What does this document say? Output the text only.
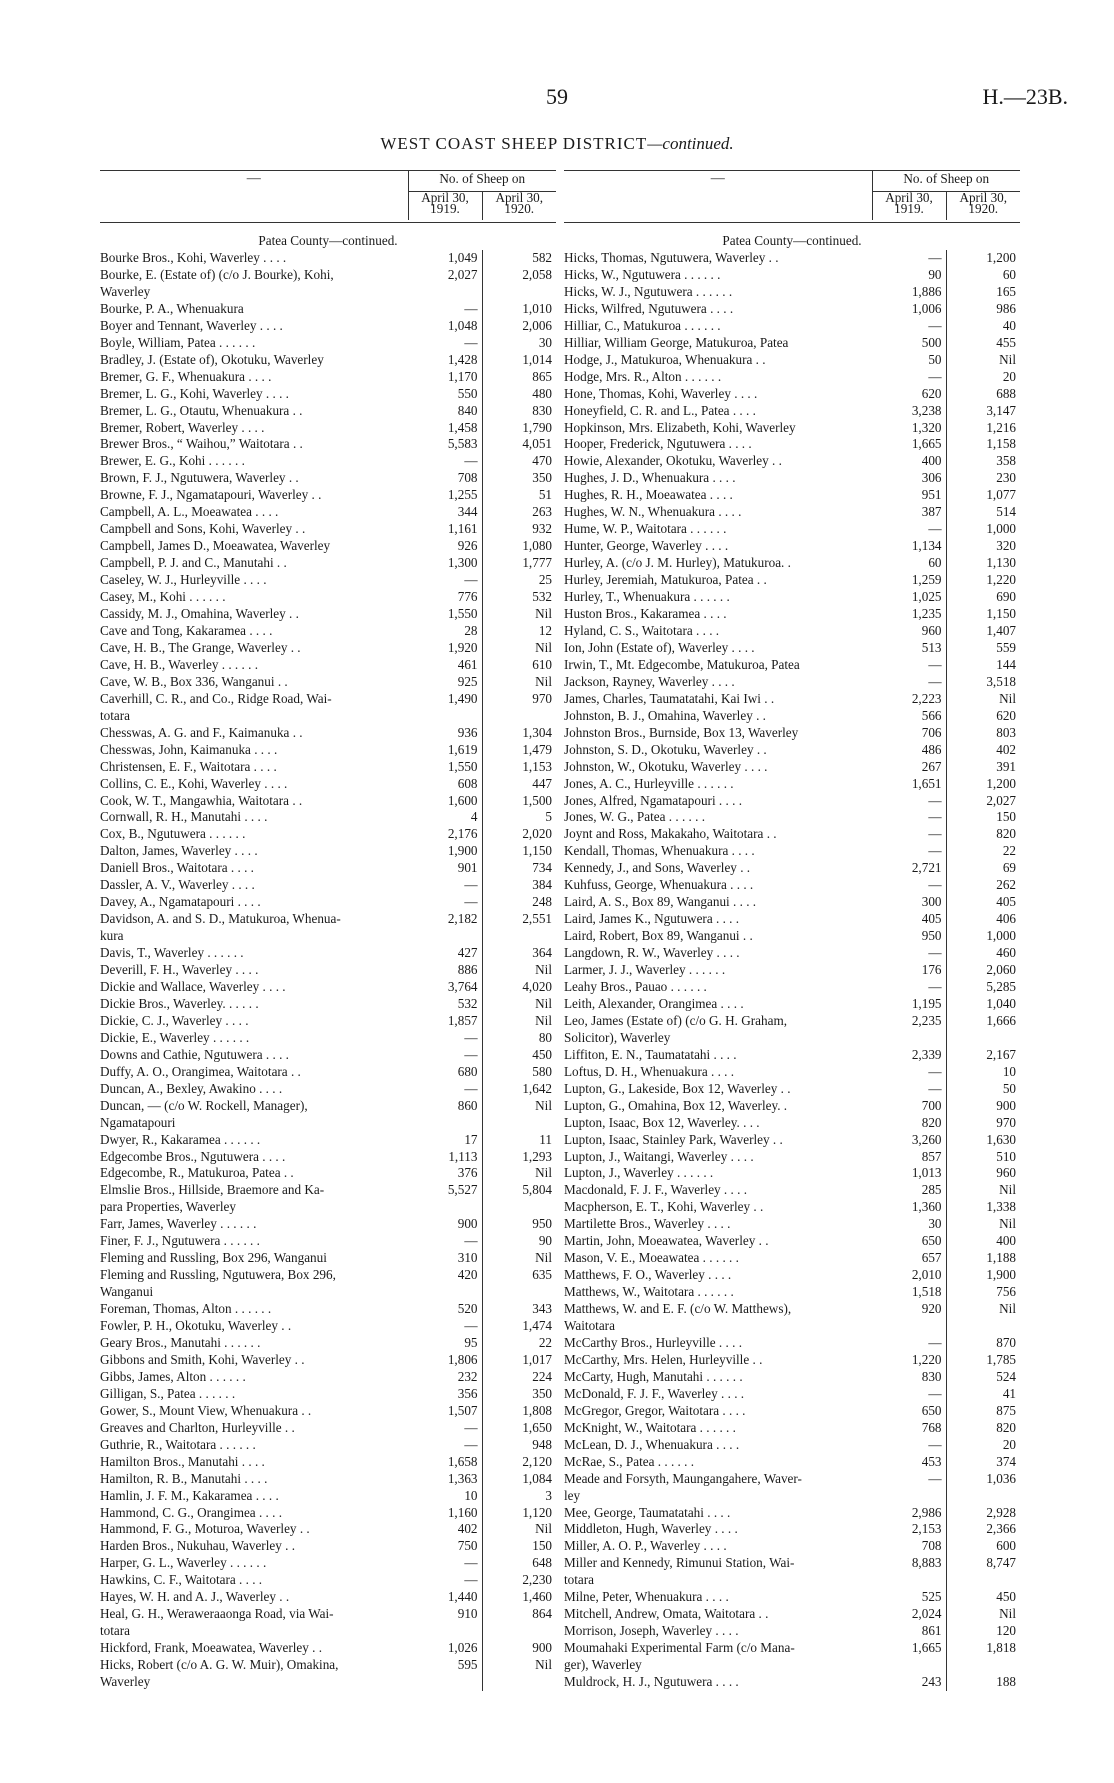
59	H.—23B.
WEST COAST SHEEP DISTRICT—continued.
—	No. of Sheep on	
	April 30,
1919.	April 30,
1920.
Patea County—continued.
Bourke Bros., Kohi, Waverley . . . .	1,049	582
Bourke, E. (Estate of) (c/o J. Bourke), Kohi,	2,027	2,058
Waverley		
Bourke, P. A., Whenuakura	—	1,010
Boyer and Tennant, Waverley . . . .	1,048	2,006
Boyle, William, Patea . . . . . .	—	30
Bradley, J. (Estate of), Okotuku, Waverley	1,428	1,014
Bremer, G. F., Whenuakura . . . .	1,170	865
Bremer, L. G., Kohi, Waverley . . . .	550	480
Bremer, L. G., Otautu, Whenuakura . .	840	830
Bremer, Robert, Waverley . . . .	1,458	1,790
Brewer Bros., “ Waihou,” Waitotara . .	5,583	4,051
Brewer, E. G., Kohi . . . . . .	—	470
Brown, F. J., Ngutuwera, Waverley . .	708	350
Browne, F. J., Ngamatapouri, Waverley . .	1,255	51
Campbell, A. L., Moeawatea . . . .	344	263
Campbell and Sons, Kohi, Waverley . .	1,161	932
Campbell, James D., Moeawatea, Waverley	926	1,080
Campbell, P. J. and C., Manutahi . .	1,300	1,777
Caseley, W. J., Hurleyville . . . .	—	25
Casey, M., Kohi . . . . . .	776	532
Cassidy, M. J., Omahina, Waverley . .	1,550	Nil
Cave and Tong, Kakaramea . . . .	28	12
Cave, H. B., The Grange, Waverley . .	1,920	Nil
Cave, H. B., Waverley . . . . . .	461	610
Cave, W. B., Box 336, Wanganui . .	925	Nil
Caverhill, C. R., and Co., Ridge Road, Wai-	1,490	970
totara		
Chesswas, A. G. and F., Kaimanuka . .	936	1,304
Chesswas, John, Kaimanuka . . . .	1,619	1,479
Christensen, E. F., Waitotara . . . .	1,550	1,153
Collins, C. E., Kohi, Waverley . . . .	608	447
Cook, W. T., Mangawhia, Waitotara . .	1,600	1,500
Cornwall, R. H., Manutahi . . . .	4	5
Cox, B., Ngutuwera . . . . . .	2,176	2,020
Dalton, James, Waverley . . . .	1,900	1,150
Daniell Bros., Waitotara . . . .	901	734
Dassler, A. V., Waverley . . . .	—	384
Davey, A., Ngamatapouri . . . .	—	248
Davidson, A. and S. D., Matukuroa, Whenua-	2,182	2,551
kura		
Davis, T., Waverley . . . . . .	427	364
Deverill, F. H., Waverley . . . .	886	Nil
Dickie and Wallace, Waverley . . . .	3,764	4,020
Dickie Bros., Waverley. . . . . .	532	Nil
Dickie, C. J., Waverley . . . .	1,857	Nil
Dickie, E., Waverley . . . . . .	—	80
Downs and Cathie, Ngutuwera . . . .	—	450
Duffy, A. O., Orangimea, Waitotara . .	680	580
Duncan, A., Bexley, Awakino . . . .	—	1,642
Duncan, — (c/o W. Rockell, Manager),	860	Nil
Ngamatapouri		
Dwyer, R., Kakaramea . . . . . .	17	11
Edgecombe Bros., Ngutuwera . . . .	1,113	1,293
Edgecombe, R., Matukuroa, Patea . .	376	Nil
Elmslie Bros., Hillside, Braemore and Ka-	5,527	5,804
para Properties, Waverley		
Farr, James, Waverley . . . . . .	900	950
Finer, F. J., Ngutuwera . . . . . .	—	90
Fleming and Russling, Box 296, Wanganui	310	Nil
Fleming and Russling, Ngutuwera, Box 296,	420	635
Wanganui		
Foreman, Thomas, Alton . . . . . .	520	343
Fowler, P. H., Okotuku, Waverley . .	—	1,474
Geary Bros., Manutahi . . . . . .	95	22
Gibbons and Smith, Kohi, Waverley . .	1,806	1,017
Gibbs, James, Alton . . . . . .	232	224
Gilligan, S., Patea . . . . . .	356	350
Gower, S., Mount View, Whenuakura . .	1,507	1,808
Greaves and Charlton, Hurleyville . .	—	1,650
Guthrie, R., Waitotara . . . . . .	—	948
Hamilton Bros., Manutahi . . . .	1,658	2,120
Hamilton, R. B., Manutahi . . . .	1,363	1,084
Hamlin, J. F. M., Kakaramea . . . .	10	3
Hammond, C. G., Orangimea . . . .	1,160	1,120
Hammond, F. G., Moturoa, Waverley . .	402	Nil
Harden Bros., Nukuhau, Waverley . .	750	150
Harper, G. L., Waverley . . . . . .	—	648
Hawkins, C. F., Waitotara . . . .	—	2,230
Hayes, W. H. and A. J., Waverley . .	1,440	1,460
Heal, G. H., Weraweraaonga Road, via Wai-	910	864
totara		
Hickford, Frank, Moeawatea, Waverley . .	1,026	900
Hicks, Robert (c/o A. G. W. Muir), Omakina,	595	Nil
Waverley		
—	No. of Sheep on	
	April 30,
1919.	April 30,
1920.
Patea County—continued.
Hicks, Thomas, Ngutuwera, Waverley . .	—	1,200
Hicks, W., Ngutuwera . . . . . .	90	60
Hicks, W. J., Ngutuwera . . . . . .	1,886	165
Hicks, Wilfred, Ngutuwera . . . .	1,006	986
Hilliar, C., Matukuroa . . . . . .	—	40
Hilliar, William George, Matukuroa, Patea	500	455
Hodge, J., Matukuroa, Whenuakura . .	50	Nil
Hodge, Mrs. R., Alton . . . . . .	—	20
Hone, Thomas, Kohi, Waverley . . . .	620	688
Honeyfield, C. R. and L., Patea . . . .	3,238	3,147
Hopkinson, Mrs. Elizabeth, Kohi, Waverley	1,320	1,216
Hooper, Frederick, Ngutuwera . . . .	1,665	1,158
Howie, Alexander, Okotuku, Waverley . .	400	358
Hughes, J. D., Whenuakura . . . .	306	230
Hughes, R. H., Moeawatea . . . .	951	1,077
Hughes, W. N., Whenuakura . . . .	387	514
Hume, W. P., Waitotara . . . . . .	—	1,000
Hunter, George, Waverley . . . .	1,134	320
Hurley, A. (c/o J. M. Hurley), Matukuroa. .	60	1,130
Hurley, Jeremiah, Matukuroa, Patea . .	1,259	1,220
Hurley, T., Whenuakura . . . . . .	1,025	690
Huston Bros., Kakaramea . . . .	1,235	1,150
Hyland, C. S., Waitotara . . . .	960	1,407
Ion, John (Estate of), Waverley . . . .	513	559
Irwin, T., Mt. Edgecombe, Matukuroa, Patea	—	144
Jackson, Rayney, Waverley . . . .	—	3,518
James, Charles, Taumatatahi, Kai Iwi . .	2,223	Nil
Johnston, B. J., Omahina, Waverley . .	566	620
Johnston Bros., Burnside, Box 13, Waverley	706	803
Johnston, S. D., Okotuku, Waverley . .	486	402
Johnston, W., Okotuku, Waverley . . . .	267	391
Jones, A. C., Hurleyville . . . . . .	1,651	1,200
Jones, Alfred, Ngamatapouri . . . .	—	2,027
Jones, W. G., Patea . . . . . .	—	150
Joynt and Ross, Makakaho, Waitotara . .	—	820
Kendall, Thomas, Whenuakura . . . .	—	22
Kennedy, J., and Sons, Waverley . .	2,721	69
Kuhfuss, George, Whenuakura . . . .	—	262
Laird, A. S., Box 89, Wanganui . . . .	300	405
Laird, James K., Ngutuwera . . . .	405	406
Laird, Robert, Box 89, Wanganui . .	950	1,000
Langdown, R. W., Waverley . . . .	—	460
Larmer, J. J., Waverley . . . . . .	176	2,060
Leahy Bros., Pauao . . . . . .	—	5,285
Leith, Alexander, Orangimea . . . .	1,195	1,040
Leo, James (Estate of) (c/o G. H. Graham,	2,235	1,666
Solicitor), Waverley		
Liffiton, E. N., Taumatatahi . . . .	2,339	2,167
Loftus, D. H., Whenuakura . . . .	—	10
Lupton, G., Lakeside, Box 12, Waverley . .	—	50
Lupton, G., Omahina, Box 12, Waverley. .	700	900
Lupton, Isaac, Box 12, Waverley. . . .	820	970
Lupton, Isaac, Stainley Park, Waverley . .	3,260	1,630
Lupton, J., Waitangi, Waverley . . . .	857	510
Lupton, J., Waverley . . . . . .	1,013	960
Macdonald, F. J. F., Waverley . . . .	285	Nil
Macpherson, E. T., Kohi, Waverley . .	1,360	1,338
Martilette Bros., Waverley . . . .	30	Nil
Martin, John, Moeawatea, Waverley . .	650	400
Mason, V. E., Moeawatea . . . . . .	657	1,188
Matthews, F. O., Waverley . . . .	2,010	1,900
Matthews, W., Waitotara . . . . . .	1,518	756
Matthews, W. and E. F. (c/o W. Matthews),	920	Nil
Waitotara		
McCarthy Bros., Hurleyville . . . .	—	870
McCarthy, Mrs. Helen, Hurleyville . .	1,220	1,785
McCarty, Hugh, Manutahi . . . . . .	830	524
McDonald, F. J. F., Waverley . . . .	—	41
McGregor, Gregor, Waitotara . . . .	650	875
McKnight, W., Waitotara . . . . . .	768	820
McLean, D. J., Whenuakura . . . .	—	20
McRae, S., Patea . . . . . .	453	374
Meade and Forsyth, Maungangahere, Waver-	—	1,036
ley		
Mee, George, Taumatatahi . . . .	2,986	2,928
Middleton, Hugh, Waverley . . . .	2,153	2,366
Miller, A. O. P., Waverley . . . .	708	600
Miller and Kennedy, Rimunui Station, Wai-	8,883	8,747
totara		
Milne, Peter, Whenuakura . . . .	525	450
Mitchell, Andrew, Omata, Waitotara . .	2,024	Nil
Morrison, Joseph, Waverley . . . .	861	120
Moumahaki Experimental Farm (c/o Mana-	1,665	1,818
ger), Waverley		
Muldrock, H. J., Ngutuwera . . . .	243	188
